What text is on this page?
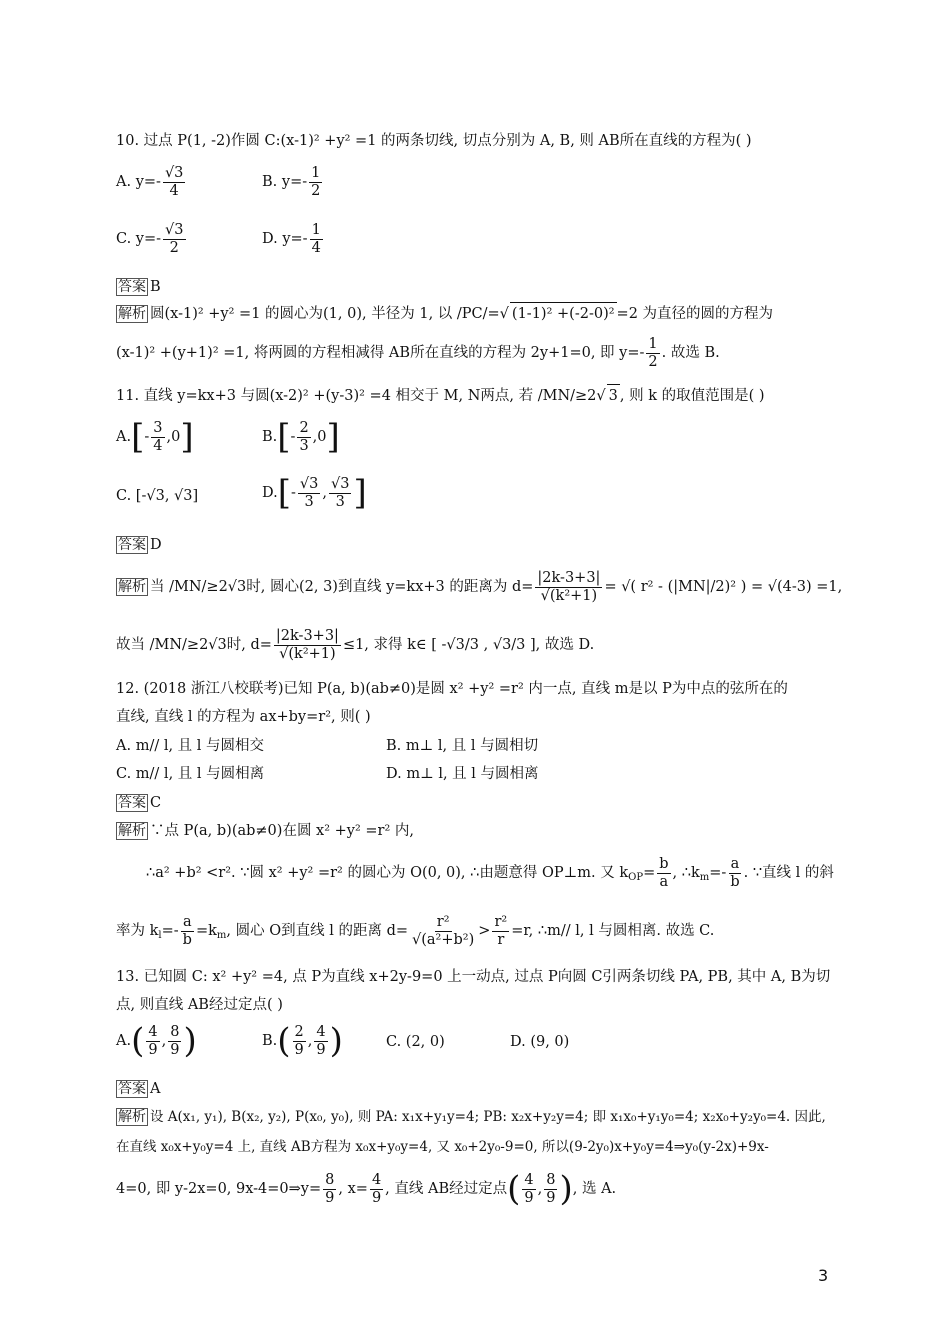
10. 过点 P(1, -2)作圆 C:(x-1)² +y² =1 的两条切线, 切点分别为 A, B, 则 AB所在直线的方程为( )
A. $y=- \frac{√3}{4}$	B. $y=- \frac{1}{2}$
C. $y=- \frac{√3}{2}$	D. $y=- \frac{1}{4}$
答案 B
解析 圆(x-1)² +y² =1 的圆心为(1, 0), 半径为 1, 以 /PC/=√ (1-1)² +(-2-0)² =2 为直径的圆的方程为
(x-1)² +(y+1)² =1, 将两圆的方程相减得 AB所在直线的方程为 2y+1=0, 即 $y=- \frac{1}{2}$ . 故选 B.
11. 直线 y=kx+3 与圆(x-2)² +(y-3)² =4 相交于 M, N两点, 若 /MN/≥2√ 3 , 则 k 的取值范围是( )
$A.[- \frac{3}{4} ,0]$	$B.[- \frac{2}{3} ,0]$
C. [-√3, √3]	$D.[- \frac{√3}{3}$ , $\frac{√3}{3}$ ]
答案 D
解析 当 /MN/≥2√3时, 圆心(2, 3)到直线 y=kx+3 的距离为 $d= \frac{|2k-3+3|}{\text{√(k²+1)}}$ = √( r² - (|MN|/2)² ) = √(4-3) =1,
故当 /MN/≥2√3时, $d= \frac{|2k-3+3|}{\text{√(k²+1)}} \le 1$, 求得 k∈ [ -√3/3 , √3/3 ], 故选 D.
12. (2018 浙江八校联考)已知 P(a, b)(ab≠0)是圆 x² +y² =r² 内一点, 直线 m是以 P为中点的弦所在的
直线, 直线 l 的方程为 ax+by=r², 则( )
A. m// l, 且 l 与圆相交	B. m⊥ l, 且 l 与圆相切
C. m// l, 且 l 与圆相离	D. m⊥ l, 且 l 与圆相离
答案 C
解析 ∵点 P(a, b)(ab≠0)在圆 x² +y² =r² 内,
∴a² +b² <r². ∵圆 x² +y² =r² 的圆心为 O(0, 0), ∴由题意得 OP⊥m. 又 $k_{OP}= \frac{b}{a}$ , $\therefore k_m=- \frac{a}{b}$ . ∵直线 l 的斜
率为 $k_l=- \frac{a}{b} =k_m$, 圆心 O到直线 l 的距离 $d= \frac{\text{r²}}{\text{√(a²+b²)}} > \frac{\text{r²}}{r} =r$, ∴m// l, l 与圆相离. 故选 C.
13. 已知圆 C: x² +y² =4, 点 P为直线 x+2y-9=0 上一动点, 过点 P向圆 C引两条切线 PA, PB, 其中 A, B为切
点, 则直线 AB经过定点( )
$A.( \frac{4}{9}$ , $\frac{8}{9}$ )	$B.( \frac{2}{9}$ , $\frac{4}{9}$ )	C. (2, 0)	D. (9, 0)
答案 A
解析 设 A(x₁, y₁), B(x₂, y₂), P(x₀, y₀), 则 PA: x₁x+y₁y=4; PB: x₂x+y₂y=4; 即 x₁x₀+y₁y₀=4; x₂x₀+y₂y₀=4. 因此,
在直线 x₀x+y₀y=4 上, 直线 AB方程为 x₀x+y₀y=4, 又 x₀+2y₀-9=0, 所以(9-2y₀)x+y₀y=4⇒y₀(y-2x)+9x-
4=0, 即 y-2x=0, 9x-4=0⇒y= $\frac{8}{9}$ , $x= \frac{4}{9}$ , 直线 AB经过定点( $\frac{4}{9}$ , $\frac{8}{9}$ ), 选 A.
3
